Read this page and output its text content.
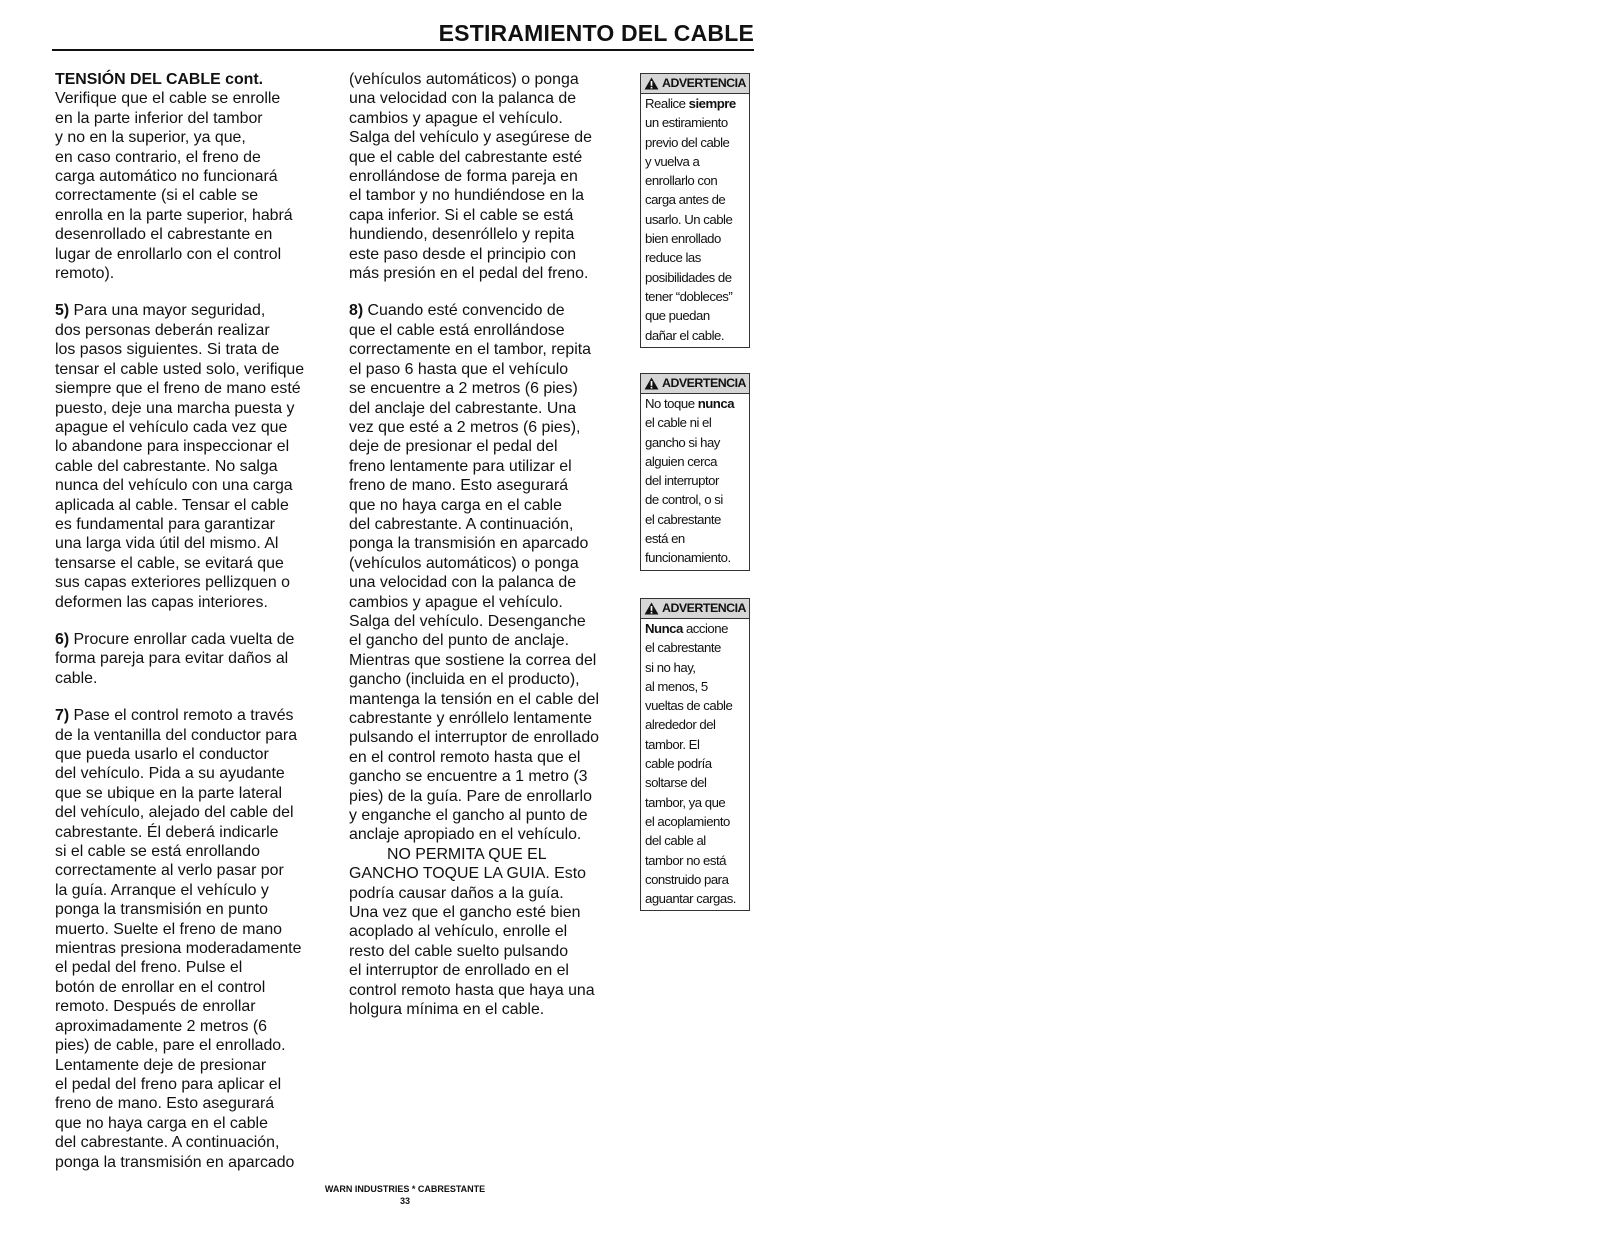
ESTIRAMIENTO DEL CABLE

TENSIÓN DEL CABLE cont.
Verifique que el cable se enrolle
en la parte inferior del tambor
y no en la superior, ya que,
en caso contrario, el freno de
carga automático no funcionará
correctamente (si el cable se
enrolla en la parte superior, habrá
desenrollado el cabrestante en
lugar de enrollarlo con el control
remoto).

5) Para una mayor seguridad,
dos personas deberán realizar
los pasos siguientes. Si trata de
tensar el cable usted solo, verifique
siempre que el freno de mano esté
puesto, deje una marcha puesta y
apague el vehículo cada vez que
lo abandone para inspeccionar el
cable del cabrestante. No salga
nunca del vehículo con una carga
aplicada al cable. Tensar el cable
es fundamental para garantizar
una larga vida útil del mismo. Al
tensarse el cable, se evitará que
sus capas exteriores pellizquen o
deformen las capas interiores.

6) Procure enrollar cada vuelta de
forma pareja para evitar daños al
cable.

7) Pase el control remoto a través
de la ventanilla del conductor para
que pueda usarlo el conductor
del vehículo. Pida a su ayudante
que se ubique en la parte lateral
del vehículo, alejado del cable del
cabrestante. Él deberá indicarle
si el cable se está enrollando
correctamente al verlo pasar por
la guía. Arranque el vehículo y
ponga la transmisión en punto
muerto. Suelte el freno de mano
mientras presiona moderadamente
el pedal del freno. Pulse el
botón de enrollar en el control
remoto. Después de enrollar
aproximadamente 2 metros (6
pies) de cable, pare el enrollado.
Lentamente deje de presionar
el pedal del freno para aplicar el
freno de mano. Esto asegurará
que no haya carga en el cable
del cabrestante. A continuación,
ponga la transmisión en aparcado

(vehículos automáticos) o ponga
una velocidad con la palanca de
cambios y apague el vehículo.
Salga del vehículo y asegúrese de
que el cable del cabrestante esté
enrollándose de forma pareja en
el tambor y no hundiéndose en la
capa inferior. Si el cable se está
hundiendo, desenróllelo y repita
este paso desde el principio con
más presión en el pedal del freno.

8) Cuando esté convencido de
que el cable está enrollándose
correctamente en el tambor, repita
el paso 6 hasta que el vehículo
se encuentre a 2 metros (6 pies)
del anclaje del cabrestante. Una
vez que esté a 2 metros (6 pies),
deje de presionar el pedal del
freno lentamente para utilizar el
freno de mano. Esto asegurará
que no haya carga en el cable
del cabrestante. A continuación,
ponga la transmisión en aparcado
(vehículos automáticos) o ponga
una velocidad con la palanca de
cambios y apague el vehículo.
Salga del vehículo. Desenganche
el gancho del punto de anclaje.
Mientras que sostiene la correa del
gancho (incluida en el producto),
mantenga la tensión en el cable del
cabrestante y enróllelo lentamente
pulsando el interruptor de enrollado
en el control remoto hasta que el
gancho se encuentre a 1 metro (3
pies) de la guía. Pare de enrollarlo
y enganche el gancho al punto de
anclaje apropiado en el vehículo.
NO PERMITA QUE EL
GANCHO TOQUE LA GUIA. Esto
podría causar daños a la guía.
Una vez que el gancho esté bien
acoplado al vehículo, enrolle el
resto del cable suelto pulsando
el interruptor de enrollado en el
control remoto hasta que haya una
holgura mínima en el cable.

ADVERTENCIA
Realice siempre
un estiramiento
previo del cable
y vuelva a
enrollarlo con
carga antes de
usarlo. Un cable
bien enrollado
reduce las
posibilidades de
tener “dobleces”
que puedan
dañar el cable.
ADVERTENCIA
No toque nunca
el cable ni el
gancho si hay
alguien cerca
del interruptor
de control, o si
el cabrestante
está en
funcionamiento.
ADVERTENCIA
Nunca accione
el cabrestante
si no hay,
al menos, 5
vueltas de cable
alrededor del
tambor. El
cable podría
soltarse del
tambor, ya que
el acoplamiento
del cable al
tambor no está
construido para
aguantar cargas.
WARN INDUSTRIES * CABRESTANTE
33
